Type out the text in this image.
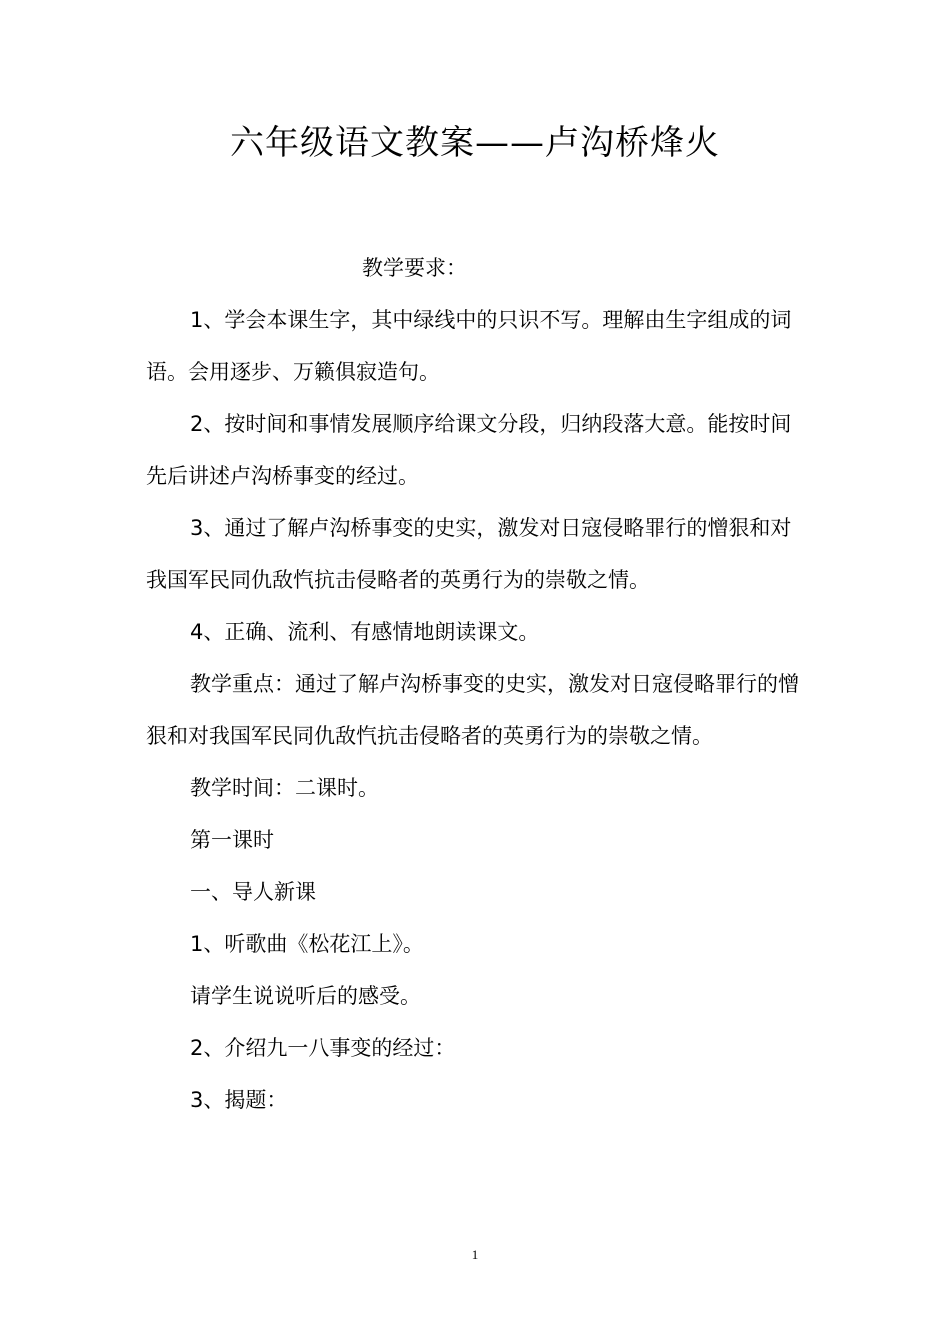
六年级语文教案——卢沟桥烽火

教学要求：

1、学会本课生字，其中绿线中的只识不写。理解由生字组成的词语。会用逐步、万籁俱寂造句。

2、按时间和事情发展顺序给课文分段，归纳段落大意。能按时间先后讲述卢沟桥事变的经过。

3、通过了解卢沟桥事变的史实，激发对日寇侵略罪行的憎狠和对我国军民同仇敌忾抗击侵略者的英勇行为的崇敬之情。

4、正确、流利、有感情地朗读课文。

教学重点：通过了解卢沟桥事变的史实，激发对日寇侵略罪行的憎狠和对我国军民同仇敌忾抗击侵略者的英勇行为的崇敬之情。

教学时间：二课时。

第一课时

一、导人新课

1、听歌曲《松花江上》。

请学生说说听后的感受。

2、介绍九一八事变的经过：

3、揭题：

1
